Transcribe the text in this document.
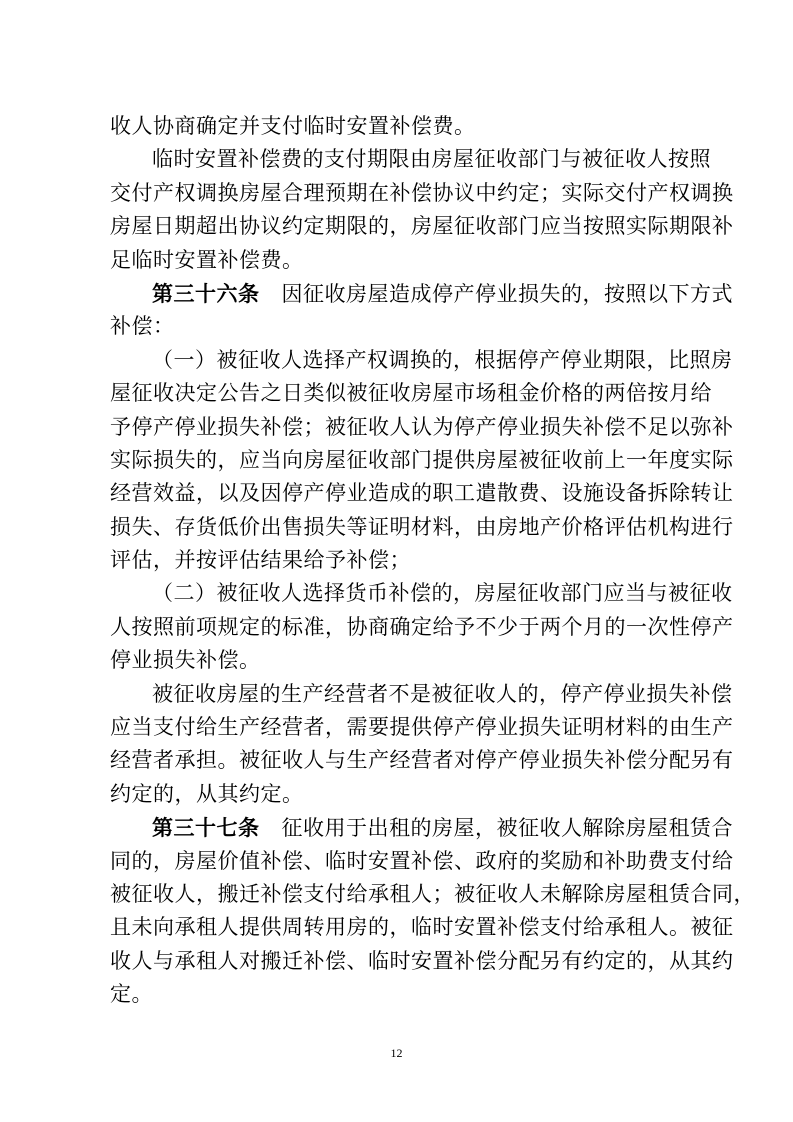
收人协商确定并支付临时安置补偿费。
临时安置补偿费的支付期限由房屋征收部门与被征收人按照
交付产权调换房屋合理预期在补偿协议中约定；实际交付产权调换
房屋日期超出协议约定期限的，房屋征收部门应当按照实际期限补
足临时安置补偿费。
第三十六条 因征收房屋造成停产停业损失的，按照以下方式
补偿：
（一）被征收人选择产权调换的，根据停产停业期限，比照房
屋征收决定公告之日类似被征收房屋市场租金价格的两倍按月给
予停产停业损失补偿；被征收人认为停产停业损失补偿不足以弥补
实际损失的，应当向房屋征收部门提供房屋被征收前上一年度实际
经营效益，以及因停产停业造成的职工遣散费、设施设备拆除转让
损失、存货低价出售损失等证明材料，由房地产价格评估机构进行
评估，并按评估结果给予补偿；
（二）被征收人选择货币补偿的，房屋征收部门应当与被征收
人按照前项规定的标准，协商确定给予不少于两个月的一次性停产
停业损失补偿。
被征收房屋的生产经营者不是被征收人的，停产停业损失补偿
应当支付给生产经营者，需要提供停产停业损失证明材料的由生产
经营者承担。被征收人与生产经营者对停产停业损失补偿分配另有
约定的，从其约定。
第三十七条 征收用于出租的房屋，被征收人解除房屋租赁合
同的，房屋价值补偿、临时安置补偿、政府的奖励和补助费支付给
被征收人，搬迁补偿支付给承租人；被征收人未解除房屋租赁合同，
且未向承租人提供周转用房的，临时安置补偿支付给承租人。被征
收人与承租人对搬迁补偿、临时安置补偿分配另有约定的，从其约
定。
12
